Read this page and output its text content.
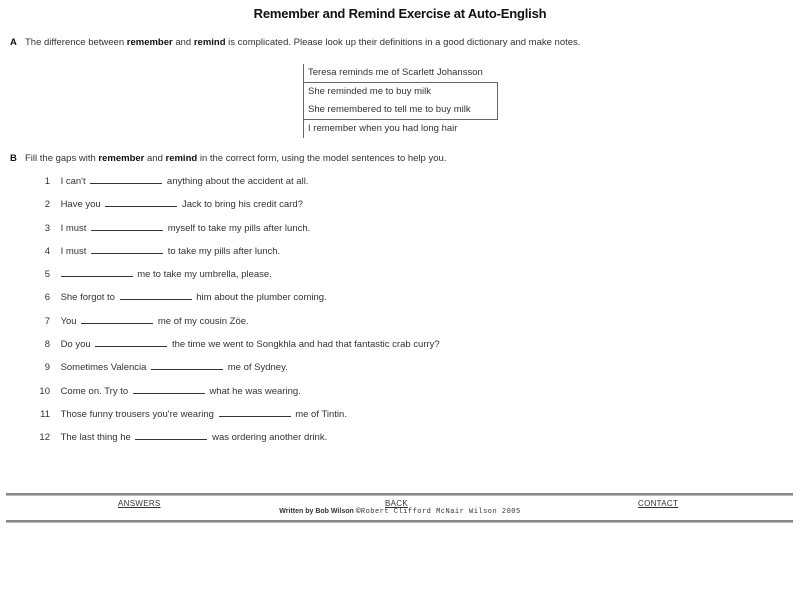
Remember and Remind Exercise at Auto-English
A The difference between remember and remind is complicated. Please look up their definitions in a good dictionary and make notes.
Teresa reminds me of Scarlett Johansson
She reminded me to buy milk
She remembered to tell me to buy milk
I remember when you had long hair
B Fill the gaps with remember and remind in the correct form, using the model sentences to help you.
1 I can't	anything about the accident at all.
2 Have you	Jack to bring his credit card?
3 I must	myself to take my pills after lunch.
4 I must	to take my pills after lunch.
5	me to take my umbrella, please.
6 She forgot to	him about the plumber coming.
7 You	me of my cousin Zöe.
8 Do you	the time we went to Songkhla and had that fantastic crab curry?
9 Sometimes Valencia	me of Sydney.
10 Come on. Try to	what he was wearing.
11 Those funny trousers you're wearing	me of Tintin.
12 The last thing he	was ordering another drink.
ANSWERS	BACK	CONTACT
Written by Bob Wilson ©Robert Clifford McNair Wilson 2005
